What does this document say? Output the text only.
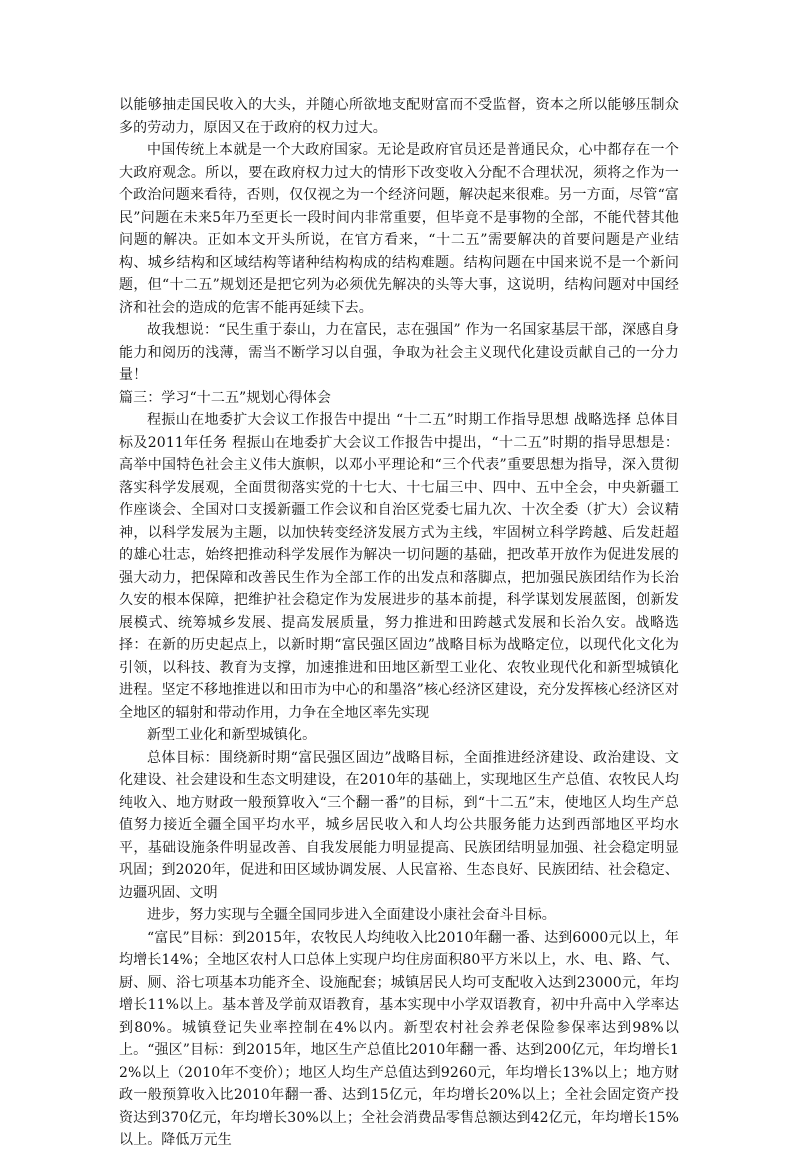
以能够抽走国民收入的大头，并随心所欲地支配财富而不受监督，资本之所以能够压制众多的劳动力，原因又在于政府的权力过大。

中国传统上本就是一个大政府国家。无论是政府官员还是普通民众，心中都存在一个大政府观念。所以，要在政府权力过大的情形下改变收入分配不合理状况，须将之作为一个政治问题来看待，否则，仅仅视之为一个经济问题，解决起来很难。另一方面，尽管“富民”问题在未来5年乃至更长一段时间内非常重要，但毕竟不是事物的全部，不能代替其他问题的解决。正如本文开头所说，在官方看来，“十二五”需要解决的首要问题是产业结构、城乡结构和区域结构等诸种结构构成的结构难题。结构问题在中国来说不是一个新问题，但“十二五”规划还是把它列为必须优先解决的头等大事，这说明，结构问题对中国经济和社会的造成的危害不能再延续下去。

故我想说：“民生重于泰山，力在富民，志在强国” 作为一名国家基层干部，深感自身能力和阅历的浅薄，需当不断学习以自强，争取为社会主义现代化建设贡献自己的一分力量！

篇三：学习“十二五”规划心得体会

程振山在地委扩大会议工作报告中提出 “十二五”时期工作指导思想 战略选择 总体目标及2011年任务 程振山在地委扩大会议工作报告中提出，“十二五”时期的指导思想是：高举中国特色社会主义伟大旗帜，以邓小平理论和“三个代表”重要思想为指导，深入贯彻落实科学发展观，全面贯彻落实党的十七大、十七届三中、四中、五中全会，中央新疆工作座谈会、全国对口支援新疆工作会议和自治区党委七届九次、十次全委（扩大）会议精神，以科学发展为主题，以加快转变经济发展方式为主线，牢固树立科学跨越、后发赶超的雄心壮志，始终把推动科学发展作为解决一切问题的基础，把改革开放作为促进发展的强大动力，把保障和改善民生作为全部工作的出发点和落脚点，把加强民族团结作为长治久安的根本保障，把维护社会稳定作为发展进步的基本前提，科学谋划发展蓝图，创新发展模式、统筹城乡发展、提高发展质量，努力推进和田跨越式发展和长治久安。战略选择：在新的历史起点上，以新时期“富民强区固边”战略目标为战略定位，以现代化文化为引领，以科技、教育为支撑，加速推进和田地区新型工业化、农牧业现代化和新型城镇化进程。坚定不移地推进以和田市为中心的和墨洛”核心经济区建设，充分发挥核心经济区对全地区的辐射和带动作用，力争在全地区率先实现

新型工业化和新型城镇化。

总体目标：围绕新时期“富民强区固边”战略目标，全面推进经济建设、政治建设、文化建设、社会建设和生态文明建设，在2010年的基础上，实现地区生产总值、农牧民人均纯收入、地方财政一般预算收入“三个翻一番”的目标，到“十二五”末，使地区人均生产总值努力接近全疆全国平均水平，城乡居民收入和人均公共服务能力达到西部地区平均水平，基础设施条件明显改善、自我发展能力明显提高、民族团结明显加强、社会稳定明显巩固；到2020年，促进和田区域协调发展、人民富裕、生态良好、民族团结、社会稳定、边疆巩固、文明

进步，努力实现与全疆全国同步进入全面建设小康社会奋斗目标。

“富民”目标：到2015年，农牧民人均纯收入比2010年翻一番、达到6000元以上，年均增长14%；全地区农村人口总体上实现户均住房面积80平方米以上，水、电、路、气、厨、厕、浴七项基本功能齐全、设施配套；城镇居民人均可支配收入达到23000元，年均增长11%以上。基本普及学前双语教育，基本实现中小学双语教育，初中升高中入学率达到80%。城镇登记失业率控制在4%以内。新型农村社会养老保险参保率达到98%以上。“强区”目标：到2015年，地区生产总值比2010年翻一番、达到200亿元，年均增长12%以上（2010年不变价）；地区人均生产总值达到9260元，年均增长13%以上；地方财政一般预算收入比2010年翻一番、达到15亿元，年均增长20%以上；全社会固定资产投资达到370亿元，年均增长30%以上；全社会消费品零售总额达到42亿元，年均增长15%以上。降低万元生
